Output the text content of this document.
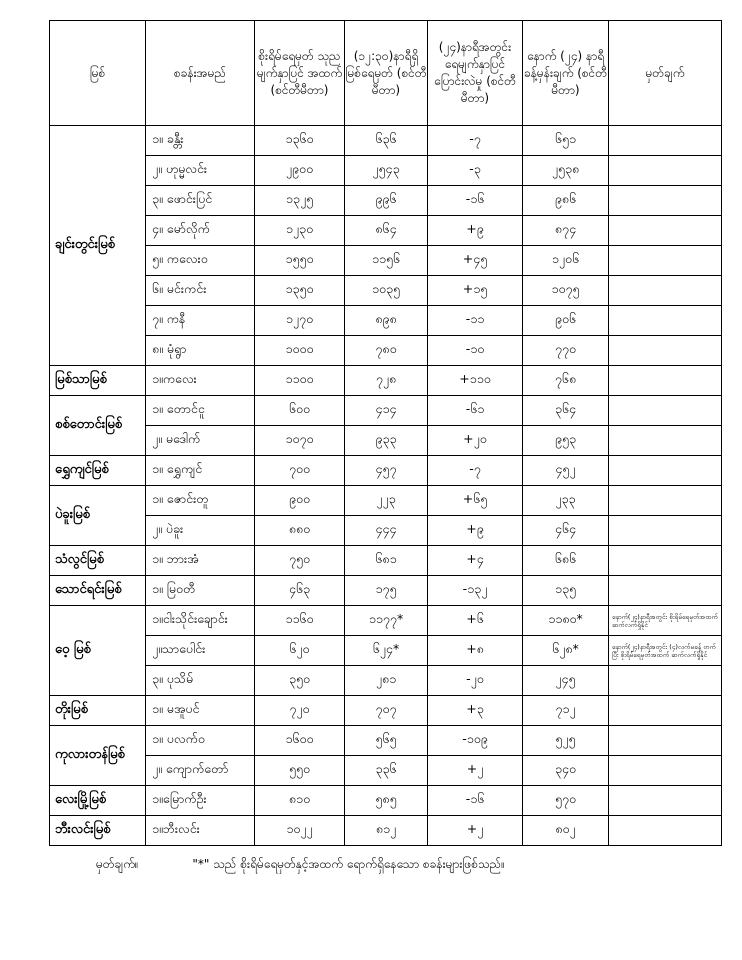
မြစ်	စခန်းအမည်	စိုးရိမ်ရေမှတ် သုညမျက်နှာပြင် အထက် (စင်တီမီတာ)	(၁၂:၃၀)နာရီရှိ မြစ်ရေမှတ် (စင်တီမီတာ)	(၂၄)နာရီအတွင်း ရေမျက်နှာပြင် ပြောင်းလဲမှု (စင်တီမီတာ)	နောက် (၂၄) နာရီ ခန့်မှန်းချက် (စင်တီမီတာ)	မှတ်ချက်
ချင်းတွင်းမြစ်	၁။ ခန္တီး	၁၃၆၀	၆၃၆	-၇	၆၅၁	
	၂။ ဟုမ္မလင်း	၂၉၀၀	၂၅၄၃	-၃	၂၅၃၈	
	၃။ ဖောင်းပြင်	၁၃၂၅	၉၉၆	-၁၆	၉၈၆	
	၄။ မော်လိုက်	၁၂၃၀	၈၆၄	+၉	၈၇၄	
	၅။ ကလေးဝ	၁၅၅၀	၁၁၅၆	+၄၅	၁၂၀၆	
	၆။ မင်းကင်း	၁၃၅၀	၁၀၃၅	+၁၅	၁၀၇၅	
	၇။ ကနီ	၁၂၇၀	၈၉၈	-၁၁	၉၀၆	
	၈။ မုံရွာ	၁၀၀၀	၇၈၀	-၁၀	၇၇၀	
မြစ်သာမြစ်	၁။ကလေး	၁၁၀၀	၇၂၈	+၁၁၀	၇၆၈	
စစ်တောင်းမြစ်	၁။ တောင်ငူ	၆၀၀	၄၁၄	-၆၁	၃၆၄	
	၂။ မဒေါက်	၁၀၇၀	၉၃၃	+၂၀	၉၅၃	
ရွှေကျင်မြစ်	၁။ ရွှေကျင်	၇၀၀	၄၅၇	-၇	၄၅၂	
ပဲခူးမြစ်	၁။ ဇောင်းတူ	၉၀၀	၂၂၃	+၆၅	၂၃၃	
	၂။ ပဲခူး	၈၈၀	၄၄၄	+၉	၄၆၄	
သံလွင်မြစ်	၁။ ဘားအံ	၇၅၀	၆၈၁	+၄	၆၈၆	
သောင်ရင်းမြစ်	၁။ မြဝတီ	၄၆၃	၁၇၅	-၁၃၂	၁၃၅	
ဝေ့ မြစ်	၁။ငါးသိုင်းချောင်း	၁၁၆၀	၁၁၇၇*	+၆	၁၁၈၀*	နောက်(၂၄)နာရီအတွင်း စိုးရိမ်ရေမှတ်အထက် ဆက်လက်ရှိနိုင်
	၂။သာပေါင်း	၆၂၀	၆၂၄*	+၈	၆၂၈*	နောက်(၂၄)နာရီအတွင်း (၄)လက်မခန့် တက်ပြီး စိုးရိမ်ရေမှတ်အထက် ဆက်လက်ရှိနိုင်
	၃။ ပုသိမ်	၃၅၀	၂၈၁	-၂၀	၂၄၅	
တိုးမြစ်	၁။ မအူပင်	၇၂၀	၇၀၇	+၃	၇၁၂	
ကုလားတန်မြစ်	၁။ ပလက်ဝ	၁၆၀၀	၅၆၅	-၁၀၉	၅၂၅	
	၂။ ကျောက်တော်	၅၅၀	၃၃၆	+၂	၃၄၀	
လေးမြို့မြစ်	၁။မြောက်ဦး	၈၁၀	၅၈၅	-၁၆	၅၇၀	
ဘီးလင်းမြစ်	၁။ဘီးလင်း	၁၀၂၂	၈၁၂	+၂	၈၀၂	
မှတ်ချက်။	"*" သည် စိုးရိမ်ရေမှတ်နှင့်အထက် ရောက်ရှိနေသော စခန်းများဖြစ်သည်။
